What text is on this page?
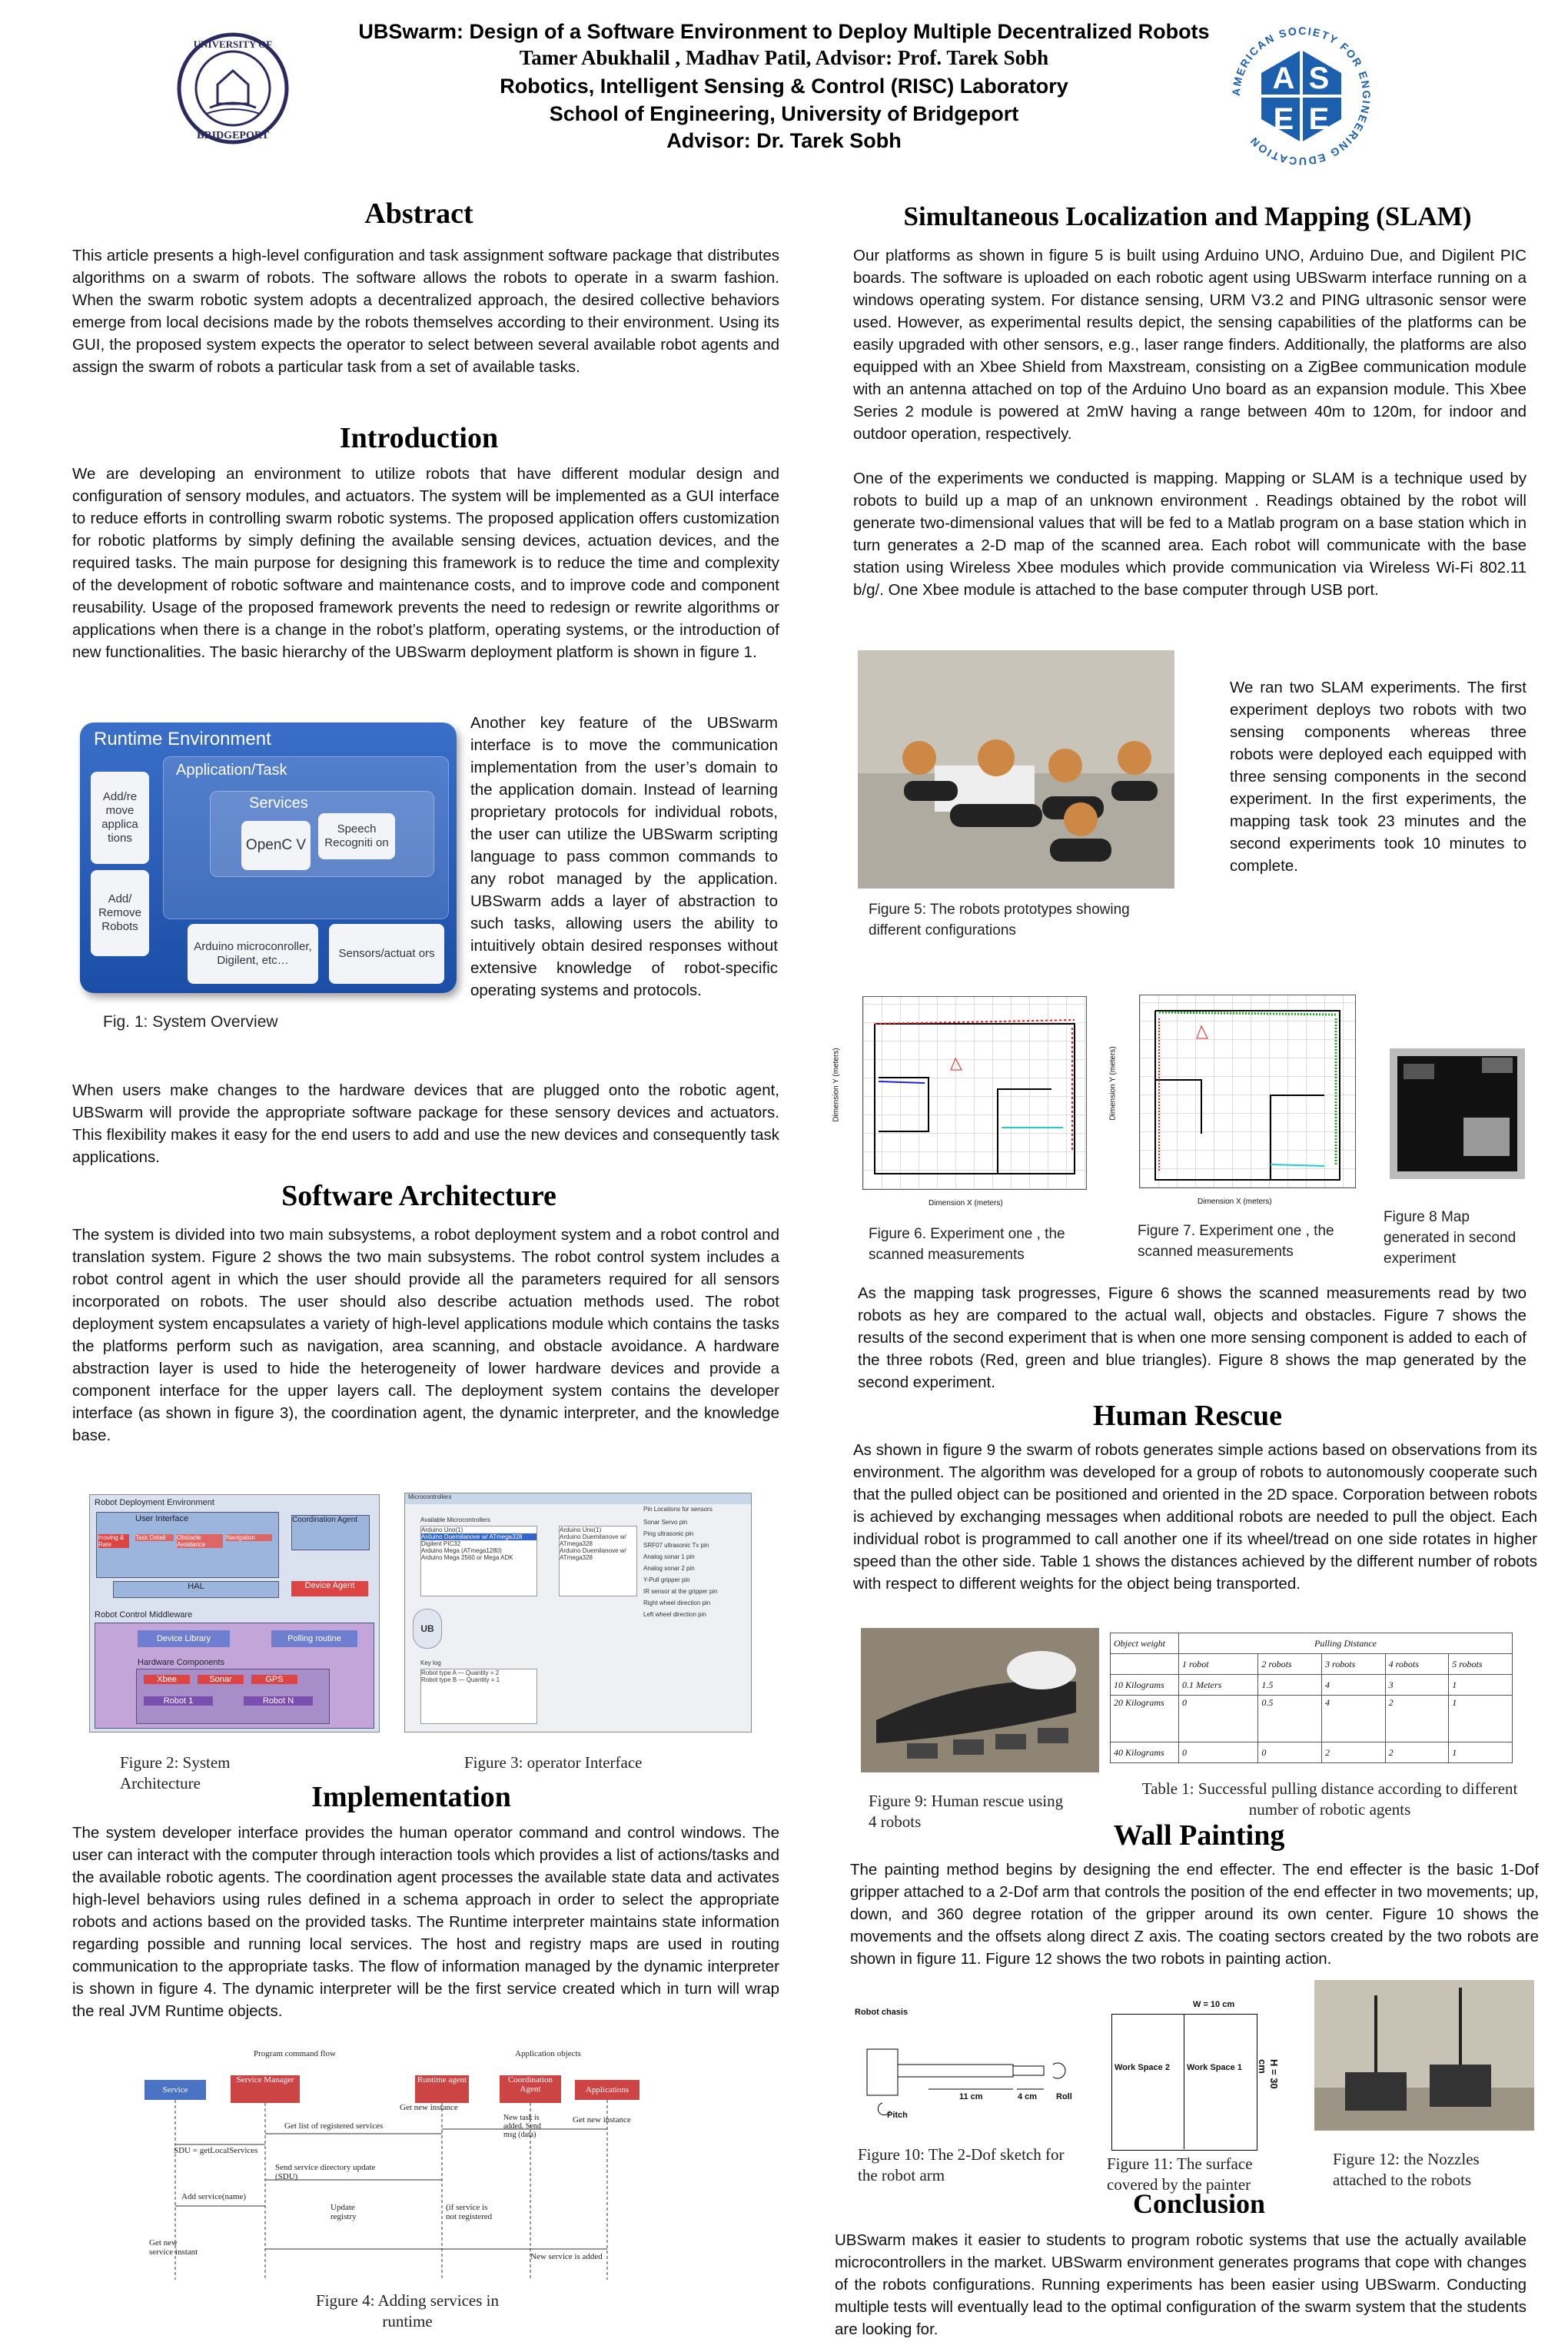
UNIVERSITY OF
BRIDGEPORT
UBSwarm: Design of a Software Environment to Deploy Multiple Decentralized Robots
Tamer Abukhalil , Madhav Patil, Advisor: Prof. Tarek Sobh
Robotics, Intelligent Sensing & Control (RISC) Laboratory
School of Engineering, University of Bridgeport
Advisor: Dr. Tarek Sobh
A S
E E
AMERICAN SOCIETY FOR ENGINEERING EDUCATION
Abstract
This article presents a high-level configuration and task assignment software package that distributes algorithms on a swarm of robots. The software allows the robots to operate in a swarm fashion. When the swarm robotic system adopts a decentralized approach, the desired collective behaviors emerge from local decisions made by the robots themselves according to their environment. Using its GUI, the proposed system expects the operator to select between several available robot agents and assign the swarm of robots a particular task from a set of available tasks.
Introduction
We are developing an environment to utilize robots that have different modular design and configuration of sensory modules, and actuators. The system will be implemented as a GUI interface to reduce efforts in controlling swarm robotic systems. The proposed application offers customization for robotic platforms by simply defining the available sensing devices, actuation devices, and the required tasks. The main purpose for designing this framework is to reduce the time and complexity of the development of robotic software and maintenance costs, and to improve code and component reusability. Usage of the proposed framework prevents the need to redesign or rewrite algorithms or applications when there is a change in the robot’s platform, operating systems, or the introduction of new functionalities. The basic hierarchy of the UBSwarm deployment platform is shown in figure 1.
Runtime Environment
Application/Task
Services
OpenC V
Speech Recogniti on
Add/re move applica tions
Add/ Remove Robots
Arduino microconroller, Digilent, etc…
Sensors/actuat ors
Fig. 1: System Overview
Another key feature of the UBSwarm interface is to move the communication implementation from the user’s domain to the application domain. Instead of learning proprietary protocols for individual robots, the user can utilize the UBSwarm scripting language to pass common commands to any robot managed by the application. UBSwarm adds a layer of abstraction to such tasks, allowing users the ability to intuitively obtain desired responses without extensive knowledge of robot-specific operating systems and protocols.
When users make changes to the hardware devices that are plugged onto the robotic agent, UBSwarm will provide the appropriate software package for these sensory devices and actuators. This flexibility makes it easy for the end users to add and use the new devices and consequently task applications.
Software Architecture
The system is divided into two main subsystems, a robot deployment system and a robot control and translation system. Figure 2 shows the two main subsystems. The robot control system includes a robot control agent in which the user should provide all the parameters required for all sensors incorporated on robots. The user should also describe actuation methods used. The robot deployment system encapsulates a variety of high-level applications module which contains the tasks the platforms perform such as navigation, area scanning, and obstacle avoidance. A hardware abstraction layer is used to hide the heterogeneity of lower hardware devices and provide a component interface for the upper layers call. The deployment system contains the developer interface (as shown in figure 3), the coordination agent, the dynamic interpreter, and the knowledge base.
Robot Deployment Environment
User Interface
moving & Rate
Task Detail	Obstacle Avoidance
Navigation
Coordination Agent
HAL	Device Agent
Robot Control Middleware
Device Library	Polling routine
Hardware Components
Xbee	Sonar	GPS
Robot 1	Robot N
Microcontrollers
Available Microcontrollers
Arduino Uno(1)
Arduino Duemilanove w/ ATmega328
Digilent PIC32
Arduino Mega (ATmega1280)
Arduino Mega 2560 or Mega ADK
Arduino Uno(1)
Arduino Duemilanove w/ ATmega328
Arduino Duemilanove w/ ATmega328
Pin Locations for sensors
Sonar Servo pin
Ping ultrasonic pin
SRF07 ultrasonic Tx pin
Analog sonar 1 pin
Analog sonar 2 pin
Y-Pull gripper pin
IR sensor at the gripper pin
Right wheel direction pin
Left wheel direction pin
UB
Key log
Robot type A — Quantity = 2
Robot type B — Quantity = 1
Figure 2: System Architecture
Figure 3: operator Interface
Implementation
The system developer interface provides the human operator command and control windows. The user can interact with the computer through interaction tools which provides a list of actions/tasks and the available robotic agents. The coordination agent processes the available state data and activates high-level behaviors using rules defined in a schema approach in order to select the appropriate robots and actions based on the provided tasks. The Runtime interpreter maintains state information regarding possible and running local services. The host and registry maps are used in routing communication to the appropriate tasks. The flow of information managed by the dynamic interpreter is shown in figure 4. The dynamic interpreter will be the first service created which in turn will wrap the real JVM Runtime objects.
Program command flow	Application objects
Service
Service Manager	Runtime agent	Coordination Agent	Applications
Get new instance
Get list of registered services
SDU = getLocalServices
New task is added. Send msg (data)
Get new instance
Send service directory update (SDU)
Add service(name)
Update registry
(if service is not registered
Get new service instant	New service is added
Figure 4: Adding services in runtime
Simultaneous Localization and Mapping (SLAM)
Our platforms as shown in figure 5 is built using Arduino UNO, Arduino Due, and Digilent PIC boards. The software is uploaded on each robotic agent using UBSwarm interface running on a windows operating system. For distance sensing, URM V3.2 and PING ultrasonic sensor were used. However, as experimental results depict, the sensing capabilities of the platforms can be easily upgraded with other sensors, e.g., laser range finders. Additionally, the platforms are also equipped with an Xbee Shield from Maxstream, consisting on a ZigBee communication module with an antenna attached on top of the Arduino Uno board as an expansion module. This Xbee Series 2 module is powered at 2mW having a range between 40m to 120m, for indoor and outdoor operation, respectively.
One of the experiments we conducted is mapping. Mapping or SLAM is a technique used by robots to build up a map of an unknown environment . Readings obtained by the robot will generate two-dimensional values that will be fed to a Matlab program on a base station which in turn generates a 2-D map of the scanned area. Each robot will communicate with the base station using Wireless Xbee modules which provide communication via Wireless Wi-Fi 802.11 b/g/. One Xbee module is attached to the base computer through USB port.
Figure 5: The robots prototypes showing different configurations
We ran two SLAM experiments. The first experiment deploys two robots with two sensing components whereas three robots were deployed each equipped with three sensing components in the second experiment. In the first experiments, the mapping task took 23 minutes and the second experiments took 10 minutes to complete.
Dimension Y (meters)
Dimension X (meters)
Figure 6. Experiment one , the scanned measurements
Dimension Y (meters)
Dimension X (meters)
Figure 7. Experiment one , the scanned measurements
Figure 8 Map generated in second experiment
As the mapping task progresses, Figure 6 shows the scanned measurements read by two robots as hey are compared to the actual wall, objects and obstacles. Figure 7 shows the results of the second experiment that is when one more sensing component is added to each of the three robots (Red, green and blue triangles). Figure 8 shows the map generated by the second experiment.
Human Rescue
As shown in figure 9 the swarm of robots generates simple actions based on observations from its environment. The algorithm was developed for a group of robots to autonomously cooperate such that the pulled object can be positioned and oriented in the 2D space. Corporation between robots is achieved by exchanging messages when additional robots are needed to pull the object. Each individual robot is programmed to call another one if its wheel/tread on one side rotates in higher speed than the other side. Table 1 shows the distances achieved by the different number of robots with respect to different weights for the object being transported.
Figure 9: Human rescue using 4 robots
Object weight	Pulling Distance				
	1 robot	2 robots	3 robots	4 robots	5 robots
10 Kilograms	0.1 Meters	1.5	4	3	1
20 Kilograms	0	0.5	4	2	1
40 Kilograms	0	0	2	2	1
Table 1: Successful pulling distance according to different number of robotic agents
Wall Painting
The painting method begins by designing the end effecter. The end effecter is the basic 1-Dof gripper attached to a 2-Dof arm that controls the position of the end effecter in two movements; up, down, and 360 degree rotation of the gripper around its own center. Figure 10 shows the movements and the offsets along direct Z axis. The coating sectors created by the two robots are shown in figure 11. Figure 12 shows the two robots in painting action.
Robot chasis
11 cm	4 cm Roll
Pitch
Figure 10: The 2-Dof sketch for the robot arm
W = 10 cm
Work Space 2 Work Space 1	H = 30 cm
Figure 11: The surface covered by the painter
Figure 12: the Nozzles attached to the robots
Conclusion
UBSwarm makes it easier to students to program robotic systems that use the actually available microcontrollers in the market. UBSwarm environment generates programs that cope with changes of the robots configurations. Running experiments has been easier using UBSwarm. Conducting multiple tests will eventually lead to the optimal configuration of the swarm system that the students are looking for.
